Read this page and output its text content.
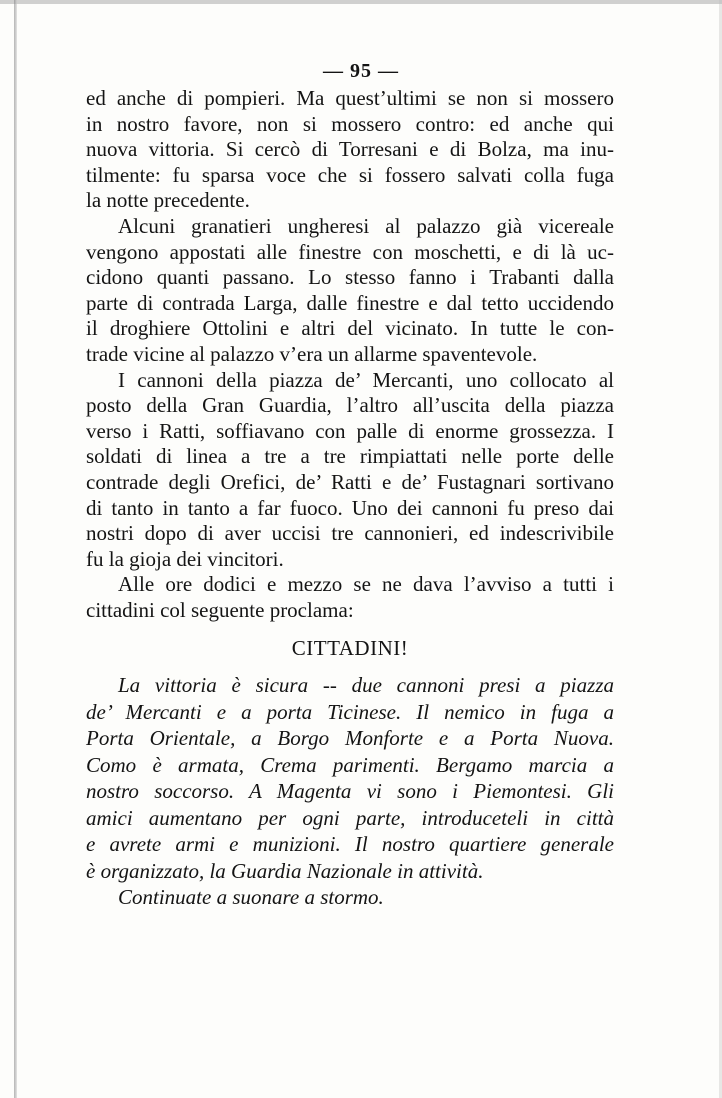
— 95 —
ed anche di pompieri. Ma quest’ultimi se non si mossero
in nostro favore, non si mossero contro: ed anche qui
nuova vittoria. Si cercò di Torresani e di Bolza, ma inu-
tilmente: fu sparsa voce che si fossero salvati colla fuga
la notte precedente.
Alcuni granatieri ungheresi al palazzo già vicereale
vengono appostati alle finestre con moschetti, e di là uc-
cidono quanti passano. Lo stesso fanno i Trabanti dalla
parte di contrada Larga, dalle finestre e dal tetto uccidendo
il droghiere Ottolini e altri del vicinato. In tutte le con-
trade vicine al palazzo v’era un allarme spaventevole.
I cannoni della piazza de’ Mercanti, uno collocato al
posto della Gran Guardia, l’altro all’uscita della piazza
verso i Ratti, soffiavano con palle di enorme grossezza. I
soldati di linea a tre a tre rimpiattati nelle porte delle
contrade degli Orefici, de’ Ratti e de’ Fustagnari sortivano
di tanto in tanto a far fuoco. Uno dei cannoni fu preso dai
nostri dopo di aver uccisi tre cannonieri, ed indescrivibile
fu la gioja dei vincitori.
Alle ore dodici e mezzo se ne dava l’avviso a tutti i
cittadini col seguente proclama:
CITTADINI!
La vittoria è sicura -- due cannoni presi a piazza
de’ Mercanti e a porta Ticinese. Il nemico in fuga a
Porta Orientale, a Borgo Monforte e a Porta Nuova.
Como è armata, Crema parimenti. Bergamo marcia a
nostro soccorso. A Magenta vi sono i Piemontesi. Gli
amici aumentano per ogni parte, introduceteli in città
e avrete armi e munizioni. Il nostro quartiere generale
è organizzato, la Guardia Nazionale in attività.
Continuate a suonare a stormo.
